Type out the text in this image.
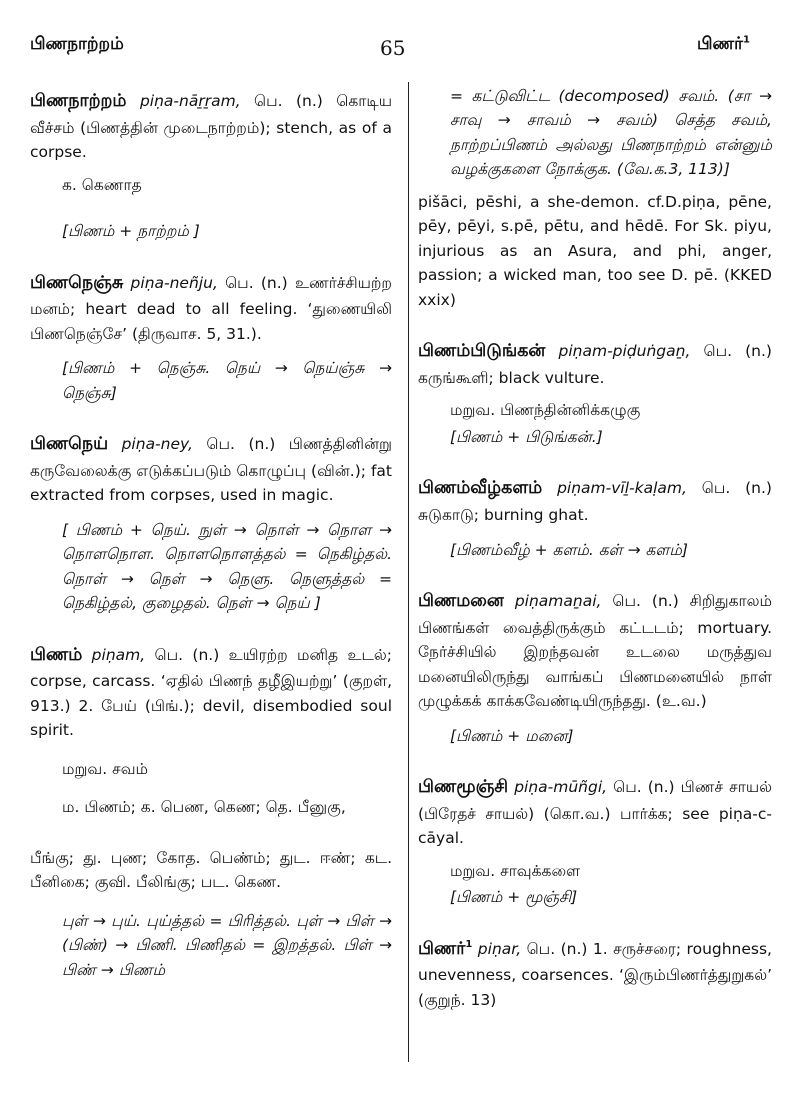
பிணநாற்றம்	65	பிணர்$^1$
பிணநாற்றம் piṇa-nāṟṟam, பெ. (n.) கொடிய வீச்சம் (பிணத்தின் முடைநாற்றம்); stench, as of a corpse.
க. கெணாத
[பிணம் + நாற்றம் ]
பிணநெஞ்சு piṇa-neñju, பெ. (n.) உணர்ச்சியற்ற மனம்; heart dead to all feeling. ‘துணையிலி பிணநெஞ்சே’ (திருவாச. 5, 31.).
[பிணம் + நெஞ்சு. நெய் → நெய்ஞ்சு → நெஞ்சு]
பிணநெய் piṇa-ney, பெ. (n.) பிணத்தினின்று கருவேலைக்கு எடுக்கப்படும் கொழுப்பு (வின்.); fat extracted from corpses, used in magic.
[ பிணம் + நெய். நுள் → நொள் → நொள → நொளநொள. நொளநொளத்தல் = நெகிழ்தல். நொள் → நெள் → நெளு. நெளுத்தல் = நெகிழ்தல், குழைதல். நெள் → நெய் ]
பிணம் piṇam, பெ. (n.) உயிரற்ற மனித உடல்; corpse, carcass. ‘ஏதில் பிணந் தழீஇயற்று’ (குறள், 913.) 2. பேய் (பிங்.); devil, disembodied soul spirit.
மறுவ. சவம்
ம. பிணம்; க. பெண, கெண; தெ. பீனுகு,
பீங்கு; து. புண; கோத. பெண்ம்; துட. ஈண்; கட. பீனிகை; குவி. பீலிங்கு; பட. கெண.
புள் → புய். புய்த்தல் = பிரித்தல். புள் → பிள் → (பிண்) → பிணி. பிணிதல் = இறத்தல். பிள் → பிண் → பிணம்
= கட்டுவிட்ட (decomposed) சவம். (சா → சாவு → சாவம் → சவம்) செத்த சவம், நாற்றப்பிணம் அல்லது பிணநாற்றம் என்னும் வழக்குகளை நோக்குக. (வே.க.3, 113)]
pišāci, pēshi, a she-demon. cf.D.piṇa, pēne, pēy, pēyi, s.pē, pētu, and hēdē. For Sk. piyu, injurious as an Asura, and phi, anger, passion; a wicked man, too see D. pē. (KKED xxix)
பிணம்பிடுங்கன் piṇam-piḍuṅgaṉ, பெ. (n.) கருங்கூளி; black vulture.
மறுவ. பிணந்தின்னிக்கழுகு
[பிணம் + பிடுங்கன்.]
பிணம்வீழ்களம் piṇam-vīḻ-kaḷam, பெ. (n.) சுடுகாடு; burning ghat.
[பிணம்வீழ் + களம். கள் → களம்]
பிணமனை piṇamaṉai, பெ. (n.) சிறிதுகாலம் பிணங்கள் வைத்திருக்கும் கட்டடம்; mortuary. நேர்ச்சியில் இறந்தவன் உடலை மருத்துவ மனையிலிருந்து வாங்கப் பிணமனையில் நாள் முழுக்கக் காக்கவேண்டியிருந்தது. (உ.வ.)
[பிணம் + மனை]
பிணமூஞ்சி piṇa-mūñgi, பெ. (n.) பிணச் சாயல் (பிரேதச் சாயல்) (கொ.வ.) பார்க்க; see piṇa-c-cāyal.
மறுவ. சாவுக்களை
[பிணம் + மூஞ்சி]
பிணர்$^1$ piṇar, பெ. (n.) 1. சருச்சரை; roughness, unevenness, coarsences. ‘இரும்பிணர்த்துறுகல்’ (குறுந். 13)
